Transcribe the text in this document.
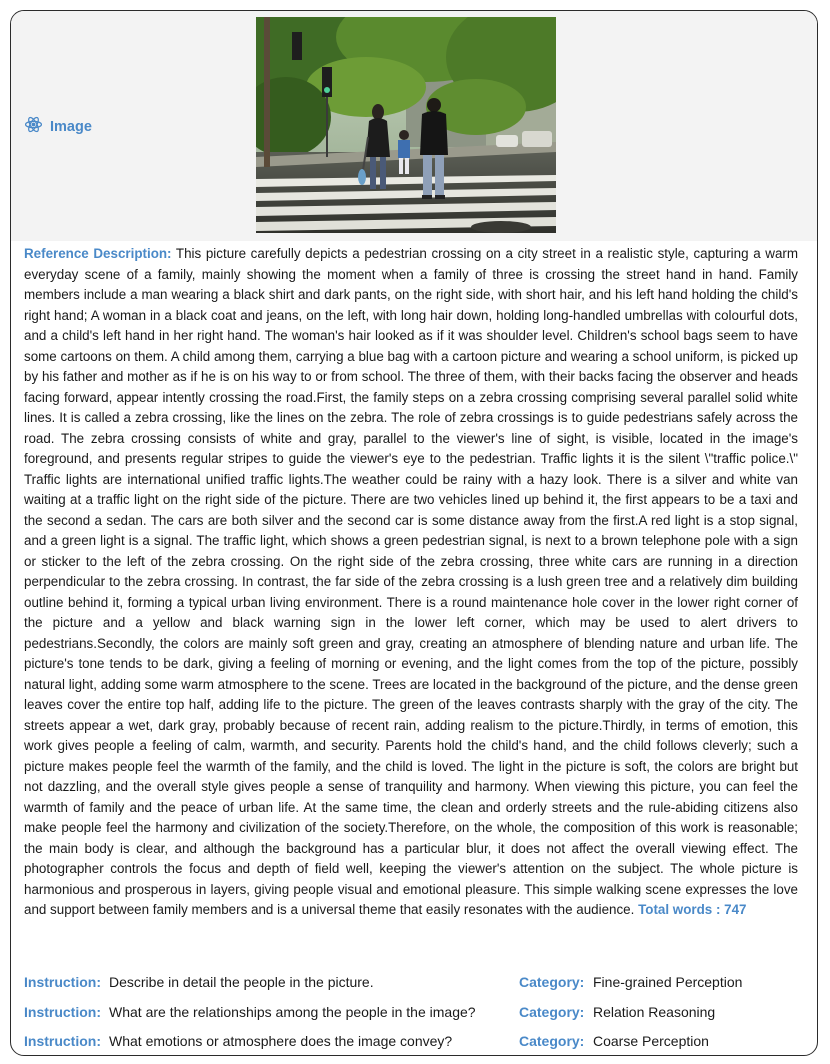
Image

Reference Description: This picture carefully depicts a pedestrian crossing on a city street in a realistic style, capturing a warm everyday scene of a family, mainly showing the moment when a family of three is crossing the street hand in hand. Family members include a man wearing a black shirt and dark pants, on the right side, with short hair, and his left hand holding the child's right hand; A woman in a black coat and jeans, on the left, with long hair down, holding long-handled umbrellas with colourful dots, and a child's left hand in her right hand. The woman's hair looked as if it was shoulder level. Children's school bags seem to have some cartoons on them. A child among them, carrying a blue bag with a cartoon picture and wearing a school uniform, is picked up by his father and mother as if he is on his way to or from school. The three of them, with their backs facing the observer and heads facing forward, appear intently crossing the road.First, the family steps on a zebra crossing comprising several parallel solid white lines. It is called a zebra crossing, like the lines on the zebra. The role of zebra crossings is to guide pedestrians safely across the road. The zebra crossing consists of white and gray, parallel to the viewer's line of sight, is visible, located in the image's foreground, and presents regular stripes to guide the viewer's eye to the pedestrian. Traffic lights it is the silent \"traffic police.\" Traffic lights are international unified traffic lights.The weather could be rainy with a hazy look. There is a silver and white van waiting at a traffic light on the right side of the picture. There are two vehicles lined up behind it, the first appears to be a taxi and the second a sedan. The cars are both silver and the second car is some distance away from the first.A red light is a stop signal, and a green light is a signal. The traffic light, which shows a green pedestrian signal, is next to a brown telephone pole with a sign or sticker to the left of the zebra crossing. On the right side of the zebra crossing, three white cars are running in a direction perpendicular to the zebra crossing. In contrast, the far side of the zebra crossing is a lush green tree and a relatively dim building outline behind it, forming a typical urban living environment. There is a round maintenance hole cover in the lower right corner of the picture and a yellow and black warning sign in the lower left corner, which may be used to alert drivers to pedestrians.Secondly, the colors are mainly soft green and gray, creating an atmosphere of blending nature and urban life. The picture's tone tends to be dark, giving a feeling of morning or evening, and the light comes from the top of the picture, possibly natural light, adding some warm atmosphere to the scene. Trees are located in the background of the picture, and the dense green leaves cover the entire top half, adding life to the picture. The green of the leaves contrasts sharply with the gray of the city. The streets appear a wet, dark gray, probably because of recent rain, adding realism to the picture.Thirdly, in terms of emotion, this work gives people a feeling of calm, warmth, and security. Parents hold the child's hand, and the child follows cleverly; such a picture makes people feel the warmth of the family, and the child is loved. The light in the picture is soft, the colors are bright but not dazzling, and the overall style gives people a sense of tranquility and harmony. When viewing this picture, you can feel the warmth of family and the peace of urban life. At the same time, the clean and orderly streets and the rule-abiding citizens also make people feel the harmony and civilization of the society.Therefore, on the whole, the composition of this work is reasonable; the main body is clear, and although the background has a particular blur, it does not affect the overall viewing effect. The photographer controls the focus and depth of field well, keeping the viewer's attention on the subject. The whole picture is harmonious and prosperous in layers, giving people visual and emotional pleasure. This simple walking scene expresses the love and support between family members and is a universal theme that easily resonates with the audience. Total words : 747

Instruction: Describe in detail the people in the picture.	Category: Fine-grained Perception
Instruction: What are the relationships among the people in the image?	Category: Relation Reasoning
Instruction: What emotions or atmosphere does the image convey?	Category: Coarse Perception
